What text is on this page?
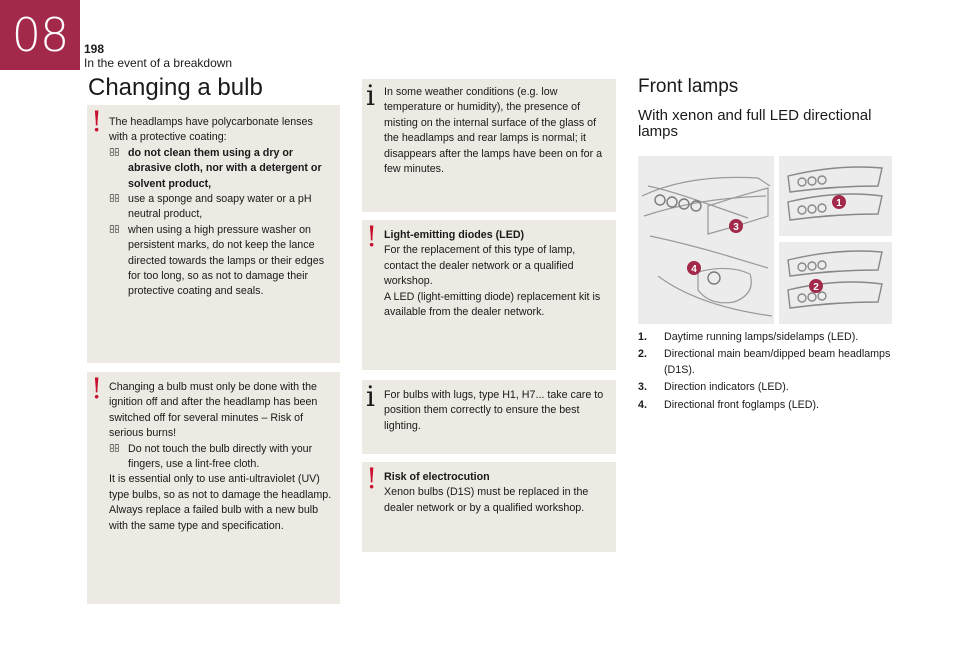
08	198
In the event of a breakdown
Changing a bulb
! The headlamps have polycarbonate lenses with a protective coating:

do not clean them using a dry or abrasive cloth, nor with a detergent or solvent product,

use a sponge and soapy water or a pH neutral product,

when using a high pressure washer on persistent marks, do not keep the lance directed towards the lamps or their edges for too long, so as not to damage their protective coating and seals.

! Changing a bulb must only be done with the ignition off and after the headlamp has been switched off for several minutes – Risk of serious burns!

Do not touch the bulb directly with your fingers, use a lint-free cloth.

It is essential only to use anti-ultraviolet (UV) type bulbs, so as not to damage the headlamp.

Always replace a failed bulb with a new bulb with the same type and specification.

i In some weather conditions (e.g. low temperature or humidity), the presence of misting on the internal surface of the glass of the headlamps and rear lamps is normal; it disappears after the lamps have been on for a few minutes.

! Light-emitting diodes (LED)

For the replacement of this type of lamp, contact the dealer network or a qualified workshop.

A LED (light-emitting diode) replacement kit is available from the dealer network.

i For bulbs with lugs, type H1, H7... take care to position them correctly to ensure the best lighting.

! Risk of electrocution

Xenon bulbs (D1S) must be replaced in the dealer network or by a qualified workshop.

Front lamps
With xenon and full LED directional lamps
1
2
3
4
1. Daytime running lamps/sidelamps (LED).
2. Directional main beam/dipped beam headlamps (D1S).
3. Direction indicators (LED).
4. Directional front foglamps (LED).
